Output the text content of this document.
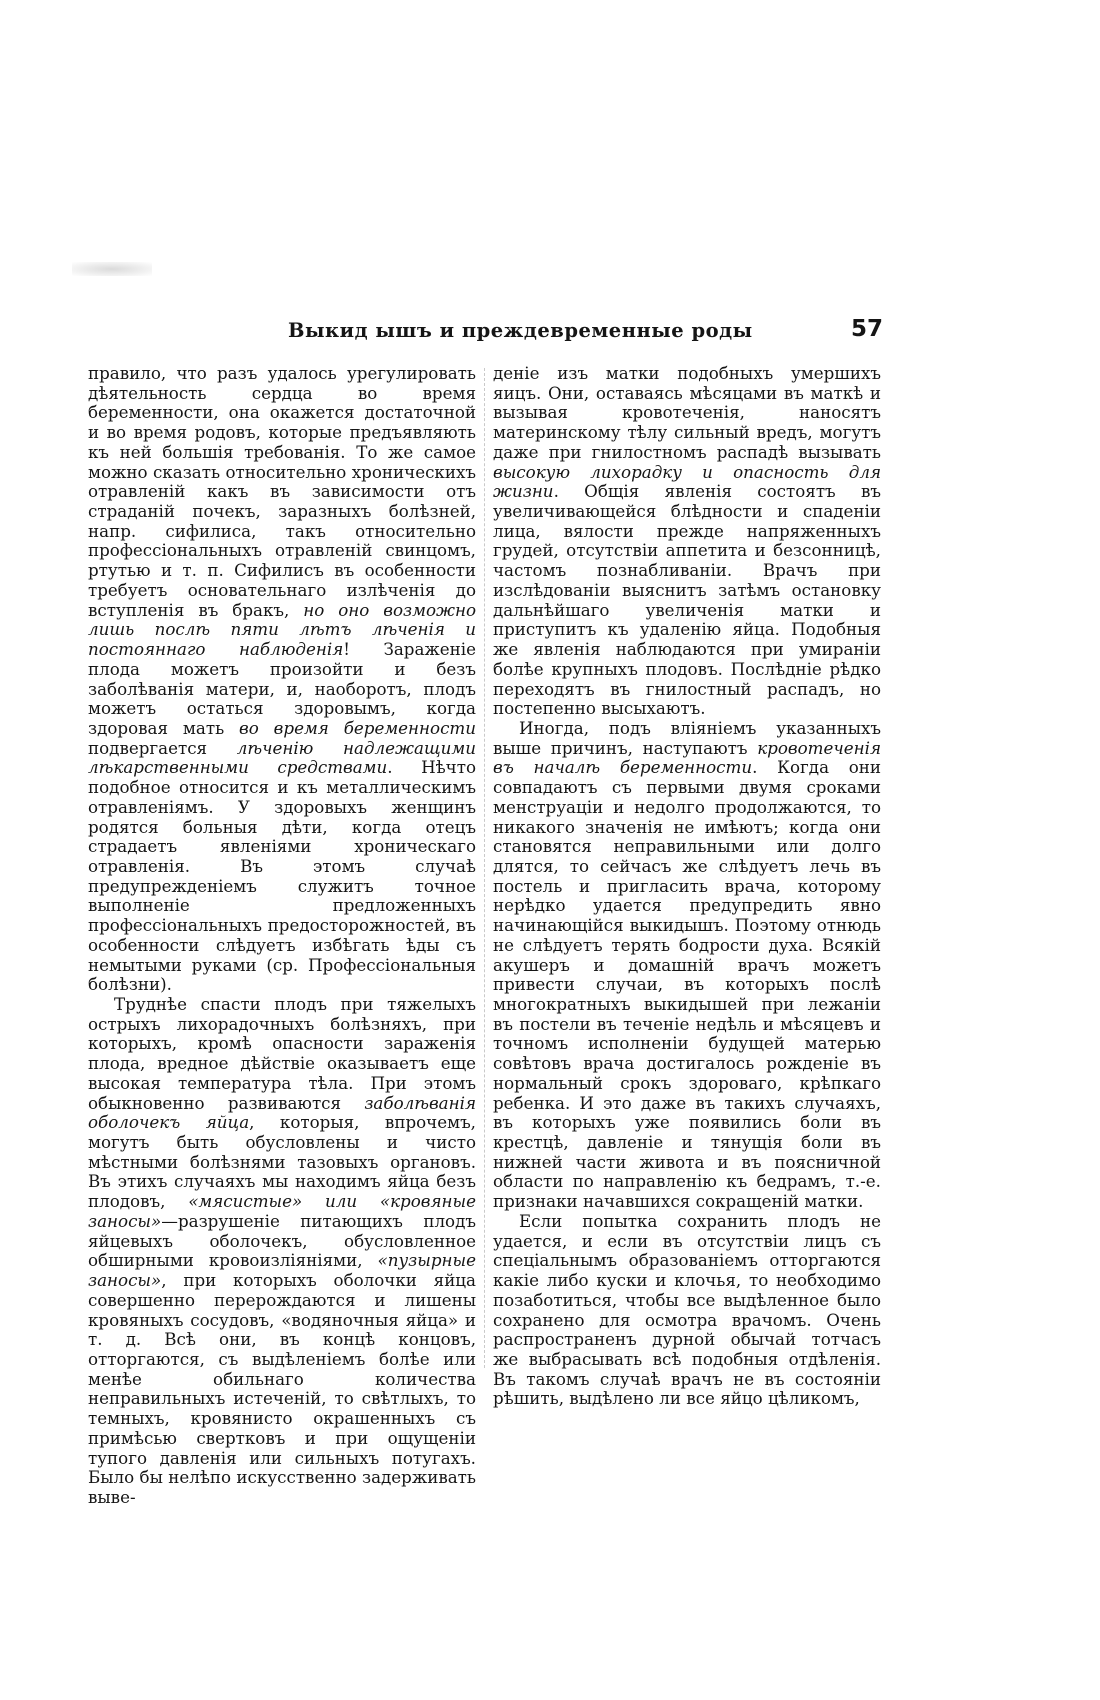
Выкид ышъ и преждевременные роды	57

правило, что разъ удалось урегулировать дѣятельность сердца во время беременности, она окажется достаточной и во время родовъ, которые предъявляють къ ней большія требованія. То же самое можно сказать относительно хроническихъ отравленій какъ въ зависимости отъ страданій почекъ, заразныхъ болѣзней, напр. сифилиса, такъ относительно профессіональныхъ отравленій свинцомъ, ртутью и т. п. Сифилисъ въ особенности требуетъ основательнаго излѣченія до вступленія въ бракъ, но оно возможно лишь послѣ пяти лѣтъ лѣченія и постояннаго наблюденія! Зараженіе плода можетъ произойти и безъ заболѣванія матери, и, наоборотъ, плодъ можетъ остаться здоровымъ, когда здоровая мать во время беременности подвергается лѣченію надлежащими лѣкарственными средствами. Нѣчто подобное относится и къ металлическимъ отравленіямъ. У здоровыхъ женщинъ родятся больныя дѣти, когда отецъ страдаетъ явленіями хроническаго отравленія. Въ этомъ случаѣ предупрежденіемъ служитъ точное выполненіе предложенныхъ профессіональныхъ предосторожностей, въ особенности слѣдуетъ избѣгать ѣды съ немытыми руками (ср. Профессіональныя болѣзни).

Труднѣе спасти плодъ при тяжелыхъ острыхъ лихорадочныхъ болѣзняхъ, при которыхъ, кромѣ опасности зараженія плода, вредное дѣйствіе оказываетъ еще высокая температура тѣла. При этомъ обыкновенно развиваются заболѣванія оболочекъ яйца, которыя, впрочемъ, могутъ быть обусловлены и чисто мѣстными болѣзнями тазовыхъ органовъ. Въ этихъ случаяхъ мы находимъ яйца безъ плодовъ, «мясистые» или «кровяные заносы»—разрушеніе питающихъ плодъ яйцевыхъ оболочекъ, обусловленное обширными кровоизліяніями, «пузырные заносы», при которыхъ оболочки яйца совершенно перерождаются и лишены кровяныхъ сосудовъ, «водяночныя яйца» и т. д. Всѣ они, въ концѣ концовъ, отторгаются, съ выдѣленіемъ болѣе или менѣе обильнаго количества неправильныхъ истеченій, то свѣтлыхъ, то темныхъ, кровянисто окрашенныхъ съ примѣсью свертковъ и при ощущеніи тупого давленія или сильныхъ потугахъ. Было бы нелѣпо искусственно задерживать выве-

деніе изъ матки подобныхъ умершихъ яицъ. Они, оставаясь мѣсяцами въ маткѣ и вызывая кровотеченія, наносятъ материнскому тѣлу сильный вредъ, могутъ даже при гнилостномъ распадѣ вызывать высокую лихорадку и опасность для жизни. Общія явленія состоятъ въ увеличивающейся блѣдности и спаденіи лица, вялости прежде напряженныхъ грудей, отсутствіи аппетита и безсонницѣ, частомъ познабливаніи. Врачъ при изслѣдованіи выяснитъ затѣмъ остановку дальнѣйшаго увеличенія матки и приступитъ къ удаленію яйца. Подобныя же явленія наблюдаются при умираніи болѣе крупныхъ плодовъ. Послѣдніе рѣдко переходятъ въ гнилостный распадъ, но постепенно высыхаютъ.

Иногда, подъ вліяніемъ указанныхъ выше причинъ, наступаютъ кровотеченія въ началѣ беременности. Когда они совпадаютъ съ первыми двумя сроками менструаціи и недолго продолжаются, то никакого значенія не имѣютъ; когда они становятся неправильными или долго длятся, то сейчасъ же слѣдуетъ лечь въ постель и пригласить врача, которому нерѣдко удается предупредить явно начинающійся выкидышъ. Поэтому отнюдь не слѣдуетъ терять бодрости духа. Всякій акушеръ и домашній врачъ можетъ привести случаи, въ которыхъ послѣ многократныхъ выкидышей при лежаніи въ постели въ теченіе недѣль и мѣсяцевъ и точномъ исполненіи будущей матерью совѣтовъ врача достигалось рожденіе въ нормальный срокъ здороваго, крѣпкаго ребенка. И это даже въ такихъ случаяхъ, въ которыхъ уже появились боли въ крестцѣ, давленіе и тянущія боли въ нижней части живота и въ поясничной области по направленію къ бедрамъ, т.-е. признаки начавшихся сокращеній матки.

Если попытка сохранить плодъ не удается, и если въ отсутствіи лицъ съ спеціальнымъ образованіемъ отторгаются какіе либо куски и клочья, то необходимо позаботиться, чтобы все выдѣленное было сохранено для осмотра врачомъ. Очень распространенъ дурной обычай тотчасъ же выбрасывать всѣ подобныя отдѣленія. Въ такомъ случаѣ врачъ не въ состояніи рѣшить, выдѣлено ли все яйцо цѣликомъ,
